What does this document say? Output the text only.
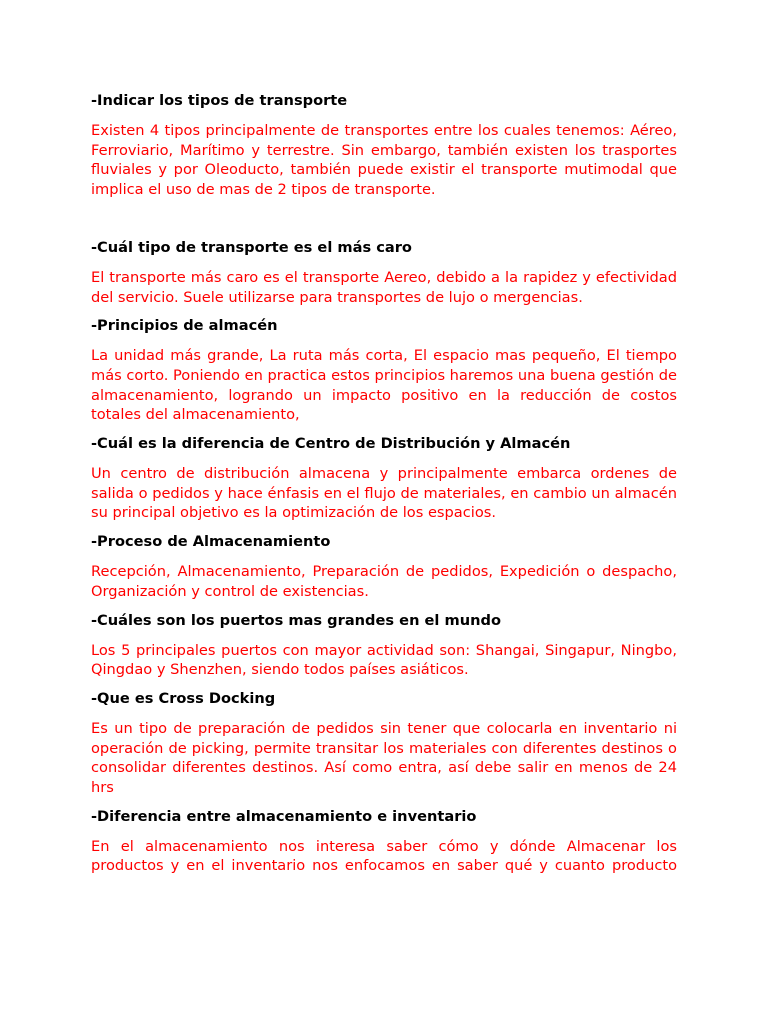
-Indicar los tipos de transporte
Existen 4 tipos principalmente de transportes entre los cuales tenemos: Aéreo, Ferroviario, Marítimo y terrestre. Sin embargo, también existen los trasportes fluviales y por Oleoducto, también puede existir el transporte mutimodal que implica el uso de mas de 2 tipos de transporte.
-Cuál tipo de transporte es el más caro
El transporte más caro es el transporte Aereo, debido a la rapidez y efectividad del servicio. Suele utilizarse para transportes de lujo o mergencias.
-Principios de almacén
La unidad más grande, La ruta más corta, El espacio mas pequeño, El tiempo más corto. Poniendo en practica estos principios haremos una buena gestión de almacenamiento, logrando un impacto positivo en la reducción de costos totales del almacenamiento,
-Cuál es la diferencia de Centro de Distribución y Almacén
Un centro de distribución almacena y principalmente embarca ordenes de salida o pedidos y hace énfasis en el flujo de materiales, en cambio un almacén su principal objetivo es la optimización de los espacios.
-Proceso de Almacenamiento
Recepción, Almacenamiento, Preparación de pedidos, Expedición o despacho, Organización y control de existencias.
-Cuáles son los puertos mas grandes en el mundo
Los 5 principales puertos con mayor actividad son: Shangai, Singapur, Ningbo, Qingdao y Shenzhen, siendo todos países asiáticos.
-Que es Cross Docking
Es un tipo de preparación de pedidos sin tener que colocarla en inventario ni operación de picking, permite transitar los materiales con diferentes destinos o consolidar diferentes destinos. Así como entra, así debe salir en menos de 24 hrs
-Diferencia entre almacenamiento e inventario
En el almacenamiento nos interesa saber cómo y dónde Almacenar los productos y en el inventario nos enfocamos en saber qué y cuanto producto
